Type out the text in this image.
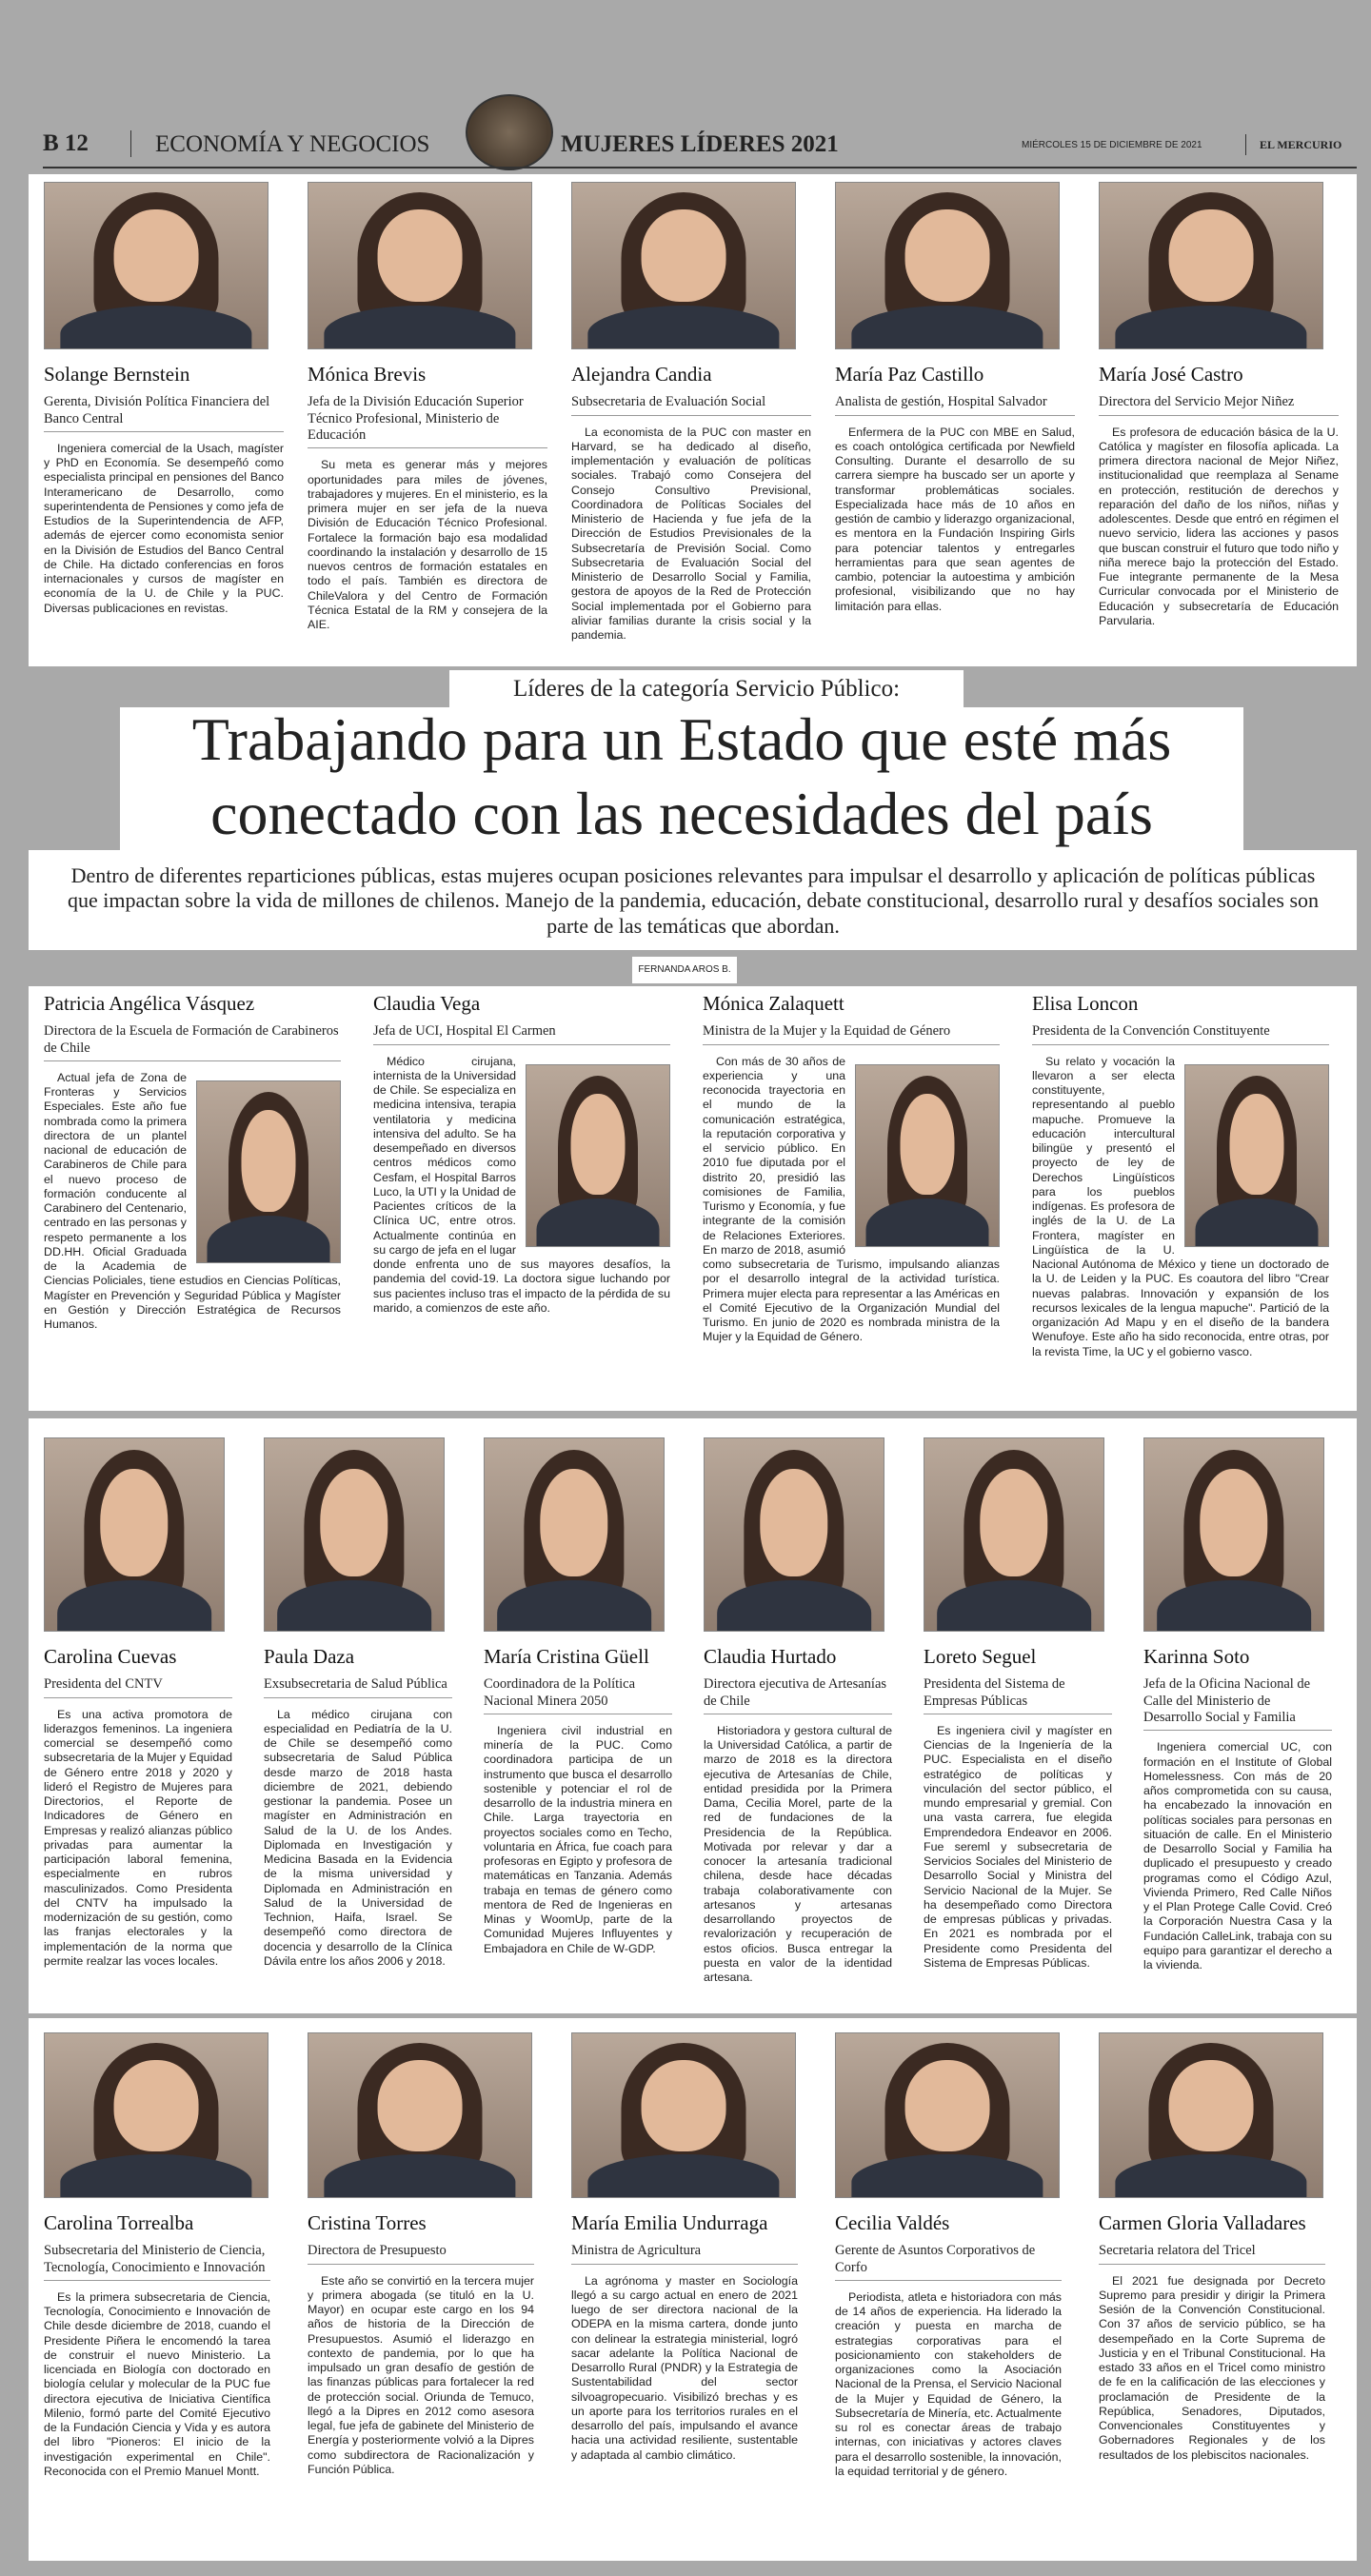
B 12	ECONOMÍA Y NEGOCIOS	MUJERES LÍDERES 2021	MIÉRCOLES 15 DE DICIEMBRE DE 2021	EL MERCURIO
Líderes de la categoría Servicio Público:
Trabajando para un Estado que esté más
conectado con las necesidades del país
Dentro de diferentes reparticiones públicas, estas mujeres ocupan posiciones relevantes para impulsar el desarrollo y aplicación de políticas públicas que impactan sobre la vida de millones de chilenos. Manejo de la pandemia, educación, debate constitucional, desarrollo rural y desafíos sociales son parte de las temáticas que abordan.
FERNANDA AROS B.
Solange Bernstein
Gerenta, División Política Financiera del Banco Central
Ingeniera comercial de la Usach, magíster y PhD en Economía. Se desempeñó como especialista principal en pensiones del Banco Interamericano de Desarrollo, como superintendenta de Pensiones y como jefa de Estudios de la Superintendencia de AFP, además de ejercer como economista senior en la División de Estudios del Banco Central de Chile. Ha dictado conferencias en foros internacionales y cursos de magíster en economía de la U. de Chile y la PUC. Diversas publicaciones en revistas.
Mónica Brevis
Jefa de la División Educación Superior Técnico Profesional, Ministerio de Educación
Su meta es generar más y mejores oportunidades para miles de jóvenes, trabajadores y mujeres. En el ministerio, es la primera mujer en ser jefa de la nueva División de Educación Técnico Profesional. Fortalece la formación bajo esa modalidad coordinando la instalación y desarrollo de 15 nuevos centros de formación estatales en todo el país. También es directora de ChileValora y del Centro de Formación Técnica Estatal de la RM y consejera de la AIE.
Alejandra Candia
Subsecretaria de Evaluación Social
La economista de la PUC con master en Harvard, se ha dedicado al diseño, implementación y evaluación de políticas sociales. Trabajó como Consejera del Consejo Consultivo Previsional, Coordinadora de Políticas Sociales del Ministerio de Hacienda y fue jefa de la Dirección de Estudios Previsionales de la Subsecretaría de Previsión Social. Como Subsecretaria de Evaluación Social del Ministerio de Desarrollo Social y Familia, gestora de apoyos de la Red de Protección Social implementada por el Gobierno para aliviar familias durante la crisis social y la pandemia.
María Paz Castillo
Analista de gestión, Hospital Salvador
Enfermera de la PUC con MBE en Salud, es coach ontológica certificada por Newfield Consulting. Durante el desarrollo de su carrera siempre ha buscado ser un aporte y transformar problemáticas sociales. Especializada hace más de 10 años en gestión de cambio y liderazgo organizacional, es mentora en la Fundación Inspiring Girls para potenciar talentos y entregarles herramientas para que sean agentes de cambio, potenciar la autoestima y ambición profesional, visibilizando que no hay limitación para ellas.
María José Castro
Directora del Servicio Mejor Niñez
Es profesora de educación básica de la U. Católica y magíster en filosofía aplicada. La primera directora nacional de Mejor Niñez, institucionalidad que reemplaza al Sename en protección, restitución de derechos y reparación del daño de los niños, niñas y adolescentes. Desde que entró en régimen el nuevo servicio, lidera las acciones y pasos que buscan construir el futuro que todo niño y niña merece bajo la protección del Estado. Fue integrante permanente de la Mesa Curricular convocada por el Ministerio de Educación y subsecretaría de Educación Parvularia.
Patricia Angélica Vásquez
Directora de la Escuela de Formación de Carabineros de Chile
Actual jefa de Zona de Fronteras y Servicios Especiales. Este año fue nombrada como la primera directora de un plantel nacional de educación de Carabineros de Chile para el nuevo proceso de formación conducente al Carabinero del Centenario, centrado en las personas y respeto permanente a los DD.HH. Oficial Graduada de la Academia de Ciencias Policiales, tiene estudios en Ciencias Políticas, Magíster en Prevención y Seguridad Pública y Magíster en Gestión y Dirección Estratégica de Recursos Humanos.
Claudia Vega
Jefa de UCI, Hospital El Carmen
Médico cirujana, internista de la Universidad de Chile. Se especializa en medicina intensiva, terapia ventilatoria y medicina intensiva del adulto. Se ha desempeñado en diversos centros médicos como Cesfam, el Hospital Barros Luco, la UTI y la Unidad de Pacientes críticos de la Clínica UC, entre otros. Actualmente continúa en su cargo de jefa en el lugar donde enfrenta uno de sus mayores desafíos, la pandemia del covid-19. La doctora sigue luchando por sus pacientes incluso tras el impacto de la pérdida de su marido, a comienzos de este año.
Mónica Zalaquett
Ministra de la Mujer y la Equidad de Género
Con más de 30 años de experiencia y una reconocida trayectoria en el mundo de la comunicación estratégica, la reputación corporativa y el servicio público. En 2010 fue diputada por el distrito 20, presidió las comisiones de Familia, Turismo y Economía, y fue integrante de la comisión de Relaciones Exteriores. En marzo de 2018, asumió como subsecretaria de Turismo, impulsando alianzas por el desarrollo integral de la actividad turística. Primera mujer electa para representar a las Américas en el Comité Ejecutivo de la Organización Mundial del Turismo. En junio de 2020 es nombrada ministra de la Mujer y la Equidad de Género.
Elisa Loncon
Presidenta de la Convención Constituyente
Su relato y vocación la llevaron a ser electa constituyente, representando al pueblo mapuche. Promueve la educación intercultural bilingüe y presentó el proyecto de ley de Derechos Lingüísticos para los pueblos indígenas. Es profesora de inglés de la U. de La Frontera, magíster en Lingüística de la U. Nacional Autónoma de México y tiene un doctorado de la U. de Leiden y la PUC. Es coautora del libro "Crear nuevas palabras. Innovación y expansión de los recursos lexicales de la lengua mapuche". Partició de la organización Ad Mapu y en el diseño de la bandera Wenufoye. Este año ha sido reconocida, entre otras, por la revista Time, la UC y el gobierno vasco.
Carolina Cuevas
Presidenta del CNTV
Es una activa promotora de liderazgos femeninos. La ingeniera comercial se desempeñó como subsecretaria de la Mujer y Equidad de Género entre 2018 y 2020 y lideró el Registro de Mujeres para Directorios, el Reporte de Indicadores de Género en Empresas y realizó alianzas público privadas para aumentar la participación laboral femenina, especialmente en rubros masculinizados. Como Presidenta del CNTV ha impulsado la modernización de su gestión, como las franjas electorales y la implementación de la norma que permite realzar las voces locales.
Paula Daza
Exsubsecretaria de Salud Pública
La médico cirujana con especialidad en Pediatría de la U. de Chile se desempeñó como subsecretaria de Salud Pública desde marzo de 2018 hasta diciembre de 2021, debiendo gestionar la pandemia. Posee un magíster en Administración en Salud de la U. de los Andes. Diplomada en Investigación y Medicina Basada en la Evidencia de la misma universidad y Diplomada en Administración en Salud de la Universidad de Technion, Haifa, Israel. Se desempeñó como directora de docencia y desarrollo de la Clínica Dávila entre los años 2006 y 2018.
María Cristina Güell
Coordinadora de la Política Nacional Minera 2050
Ingeniera civil industrial en minería de la PUC. Como coordinadora participa de un instrumento que busca el desarrollo sostenible y potenciar el rol de desarrollo de la industria minera en Chile. Larga trayectoria en proyectos sociales como en Techo, voluntaria en África, fue coach para profesoras en Egipto y profesora de matemáticas en Tanzania. Además trabaja en temas de género como mentora de Red de Ingenieras en Minas y WoomUp, parte de la Comunidad Mujeres Influyentes y Embajadora en Chile de W-GDP.
Claudia Hurtado
Directora ejecutiva de Artesanías de Chile
Historiadora y gestora cultural de la Universidad Católica, a partir de marzo de 2018 es la directora ejecutiva de Artesanías de Chile, entidad presidida por la Primera Dama, Cecilia Morel, parte de la red de fundaciones de la Presidencia de la República. Motivada por relevar y dar a conocer la artesanía tradicional chilena, desde hace décadas trabaja colaborativamente con artesanos y artesanas desarrollando proyectos de revalorización y recuperación de estos oficios. Busca entregar la puesta en valor de la identidad artesana.
Loreto Seguel
Presidenta del Sistema de Empresas Públicas
Es ingeniera civil y magíster en Ciencias de la Ingeniería de la PUC. Especialista en el diseño estratégico de políticas y vinculación del sector público, el mundo empresarial y gremial. Con una vasta carrera, fue elegida Emprendedora Endeavor en 2006. Fue sereml y subsecretaria de Servicios Sociales del Ministerio de Desarrollo Social y Ministra del Servicio Nacional de la Mujer. Se ha desempeñado como Directora de empresas públicas y privadas. En 2021 es nombrada por el Presidente como Presidenta del Sistema de Empresas Públicas.
Karinna Soto
Jefa de la Oficina Nacional de Calle del Ministerio de Desarrollo Social y Familia
Ingeniera comercial UC, con formación en el Institute of Global Homelessness. Con más de 20 años comprometida con su causa, ha encabezado la innovación en políticas sociales para personas en situación de calle. En el Ministerio de Desarrollo Social y Familia ha duplicado el presupuesto y creado programas como el Código Azul, Vivienda Primero, Red Calle Niños y el Plan Protege Calle Covid. Creó la Corporación Nuestra Casa y la Fundación CalleLink, trabaja con su equipo para garantizar el derecho a la vivienda.
Carolina Torrealba
Subsecretaria del Ministerio de Ciencia, Tecnología, Conocimiento e Innovación
Es la primera subsecretaria de Ciencia, Tecnología, Conocimiento e Innovación de Chile desde diciembre de 2018, cuando el Presidente Piñera le encomendó la tarea de construir el nuevo Ministerio. La licenciada en Biología con doctorado en biología celular y molecular de la PUC fue directora ejecutiva de Iniciativa Científica Milenio, formó parte del Comité Ejecutivo de la Fundación Ciencia y Vida y es autora del libro "Pioneros: El inicio de la investigación experimental en Chile". Reconocida con el Premio Manuel Montt.
Cristina Torres
Directora de Presupuesto
Este año se convirtió en la tercera mujer y primera abogada (se tituló en la U. Mayor) en ocupar este cargo en los 94 años de historia de la Dirección de Presupuestos. Asumió el liderazgo en contexto de pandemia, por lo que ha impulsado un gran desafío de gestión de las finanzas públicas para fortalecer la red de protección social. Oriunda de Temuco, llegó a la Dipres en 2012 como asesora legal, fue jefa de gabinete del Ministerio de Energía y posteriormente volvió a la Dipres como subdirectora de Racionalización y Función Pública.
María Emilia Undurraga
Ministra de Agricultura
La agrónoma y master en Sociología llegó a su cargo actual en enero de 2021 luego de ser directora nacional de la ODEPA en la misma cartera, donde junto con delinear la estrategia ministerial, logró sacar adelante la Política Nacional de Desarrollo Rural (PNDR) y la Estrategia de Sustentabilidad del sector silvoagropecuario. Visibilizó brechas y es un aporte para los territorios rurales en el desarrollo del país, impulsando el avance hacia una actividad resiliente, sustentable y adaptada al cambio climático.
Cecilia Valdés
Gerente de Asuntos Corporativos de Corfo
Periodista, atleta e historiadora con más de 14 años de experiencia. Ha liderado la creación y puesta en marcha de estrategias corporativas para el posicionamiento con stakeholders de organizaciones como la Asociación Nacional de la Prensa, el Servicio Nacional de la Mujer y Equidad de Género, la Subsecretaría de Minería, etc. Actualmente su rol es conectar áreas de trabajo internas, con iniciativas y actores claves para el desarrollo sostenible, la innovación, la equidad territorial y de género.
Carmen Gloria Valladares
Secretaria relatora del Tricel
El 2021 fue designada por Decreto Supremo para presidir y dirigir la Primera Sesión de la Convención Constitucional. Con 37 años de servicio público, se ha desempeñado en la Corte Suprema de Justicia y en el Tribunal Constitucional. Ha estado 33 años en el Tricel como ministro de fe en la calificación de las elecciones y proclamación de Presidente de la República, Senadores, Diputados, Convencionales Constituyentes y Gobernadores Regionales y de los resultados de los plebiscitos nacionales.
